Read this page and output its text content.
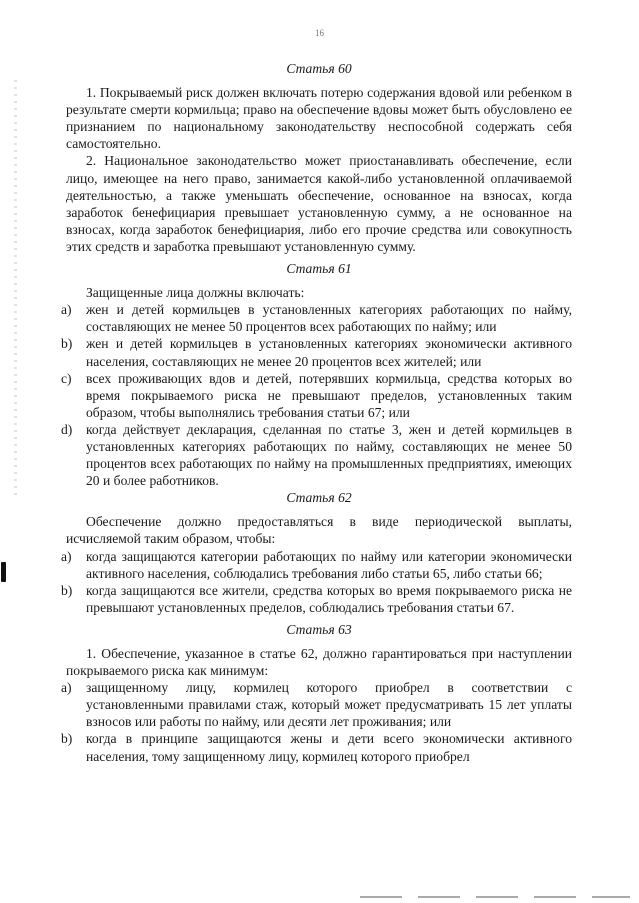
16
Статья 60

1. Покрываемый риск должен включать потерю содержания вдовой или ребенком в результате смерти кормильца; право на обеспечение вдовы может быть обусловлено ее признанием по национальному законодательству неспособной содержать себя самостоятельно.

2. Национальное законодательство может приостанавливать обеспечение, если лицо, имеющее на него право, занимается какой-либо установленной оплачиваемой деятельностью, а также уменьшать обеспечение, основанное на взносах, когда заработок бенефициария превышает установленную сумму, а не основанное на взносах, когда заработок бенефициария, либо его прочие средства или совокупность этих средств и заработка превышают установленную сумму.

Статья 61

Защищенные лица должны включать:

a) жен и детей кормильцев в установленных категориях работающих по найму, составляющих не менее 50 процентов всех работающих по найму; или
b) жен и детей кормильцев в установленных категориях экономически активного населения, составляющих не менее 20 процентов всех жителей; или
c) всех проживающих вдов и детей, потерявших кормильца, средства которых во время покрываемого риска не превышают пределов, установленных таким образом, чтобы выполнялись требования статьи 67; или
d) когда действует декларация, сделанная по статье 3, жен и детей кормильцев в установленных категориях работающих по найму, составляющих не менее 50 процентов всех работающих по найму на промышленных предприятиях, имеющих 20 и более работников.
Статья 62

Обеспечение должно предоставляться в виде периодической выплаты, исчисляемой таким образом, чтобы:

a) когда защищаются категории работающих по найму или категории экономически активного населения, соблюдались требования либо статьи 65, либо статьи 66;
b) когда защищаются все жители, средства которых во время покрываемого риска не превышают установленных пределов, соблюдались требования статьи 67.
Статья 63

1. Обеспечение, указанное в статье 62, должно гарантироваться при наступлении покрываемого риска как минимум:

a) защищенному лицу, кормилец которого приобрел в соответствии с установленными правилами стаж, который может предусматривать 15 лет уплаты взносов или работы по найму, или десяти лет проживания; или
b) когда в принципе защищаются жены и дети всего экономически активного населения, тому защищенному лицу, кормилец которого приобрел
